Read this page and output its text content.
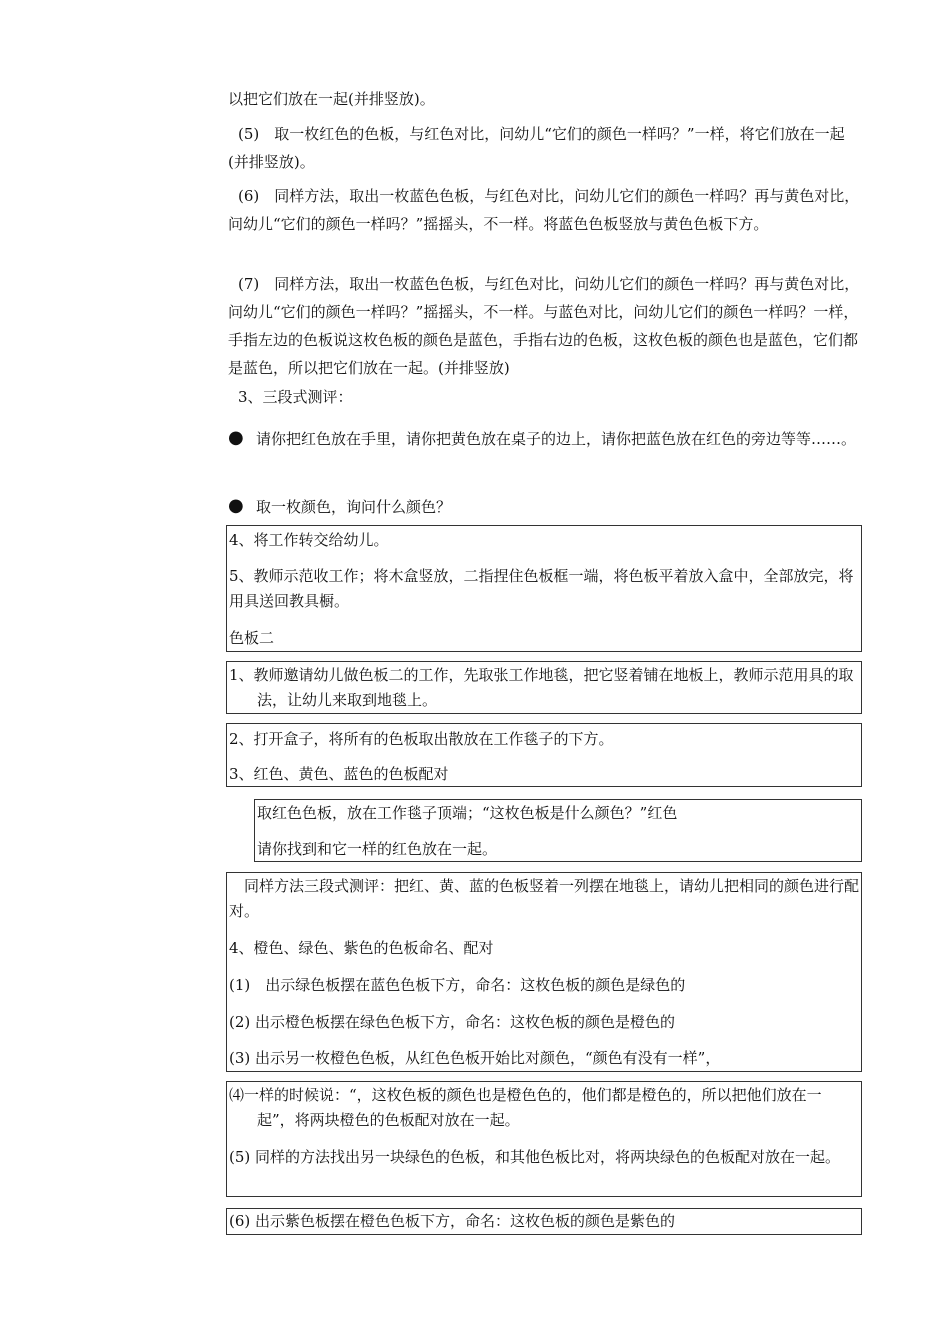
以把它们放在一起(并排竖放)。

(5)　取一枚红色的色板，与红色对比，问幼儿“它们的颜色一样吗？”一样，将它们放在一起(并排竖放)。

(6)　同样方法，取出一枚蓝色色板，与红色对比，问幼儿它们的颜色一样吗？再与黄色对比，问幼儿“它们的颜色一样吗？”摇摇头，不一样。将蓝色色板竖放与黄色色板下方。

(7)　同样方法，取出一枚蓝色色板，与红色对比，问幼儿它们的颜色一样吗？再与黄色对比，问幼儿“它们的颜色一样吗？”摇摇头，不一样。与蓝色对比，问幼儿它们的颜色一样吗？一样，手指左边的色板说这枚色板的颜色是蓝色，手指右边的色板，这枚色板的颜色也是蓝色，它们都是蓝色，所以把它们放在一起。(并排竖放)

3、三段式测评：

● 请你把红色放在手里，请你把黄色放在桌子的边上，请你把蓝色放在红色的旁边等等……。
● 取一枚颜色，询问什么颜色？

4、将工作转交给幼儿。

5、教师示范收工作；将木盒竖放，二指捏住色板框一端，将色板平着放入盒中，全部放完，将用具送回教具橱。

色板二

1、教师邀请幼儿做色板二的工作，先取张工作地毯，把它竖着铺在地板上，教师示范用具的取法，让幼儿来取到地毯上。

2、打开盒子，将所有的色板取出散放在工作毯子的下方。

3、红色、黄色、蓝色的色板配对

取红色色板，放在工作毯子顶端；“这枚色板是什么颜色？”红色

请你找到和它一样的红色放在一起。

　同样方法三段式测评：把红、黄、蓝的色板竖着一列摆在地毯上，请幼儿把相同的颜色进行配对。

4、橙色、绿色、紫色的色板命名、配对

(1)　出示绿色板摆在蓝色色板下方，命名：这枚色板的颜色是绿色的

(2) 出示橙色板摆在绿色色板下方，命名：这枚色板的颜色是橙色的

(3) 出示另一枚橙色色板，从红色色板开始比对颜色，“颜色有没有一样”，

⑷一样的时候说：“，这枚色板的颜色也是橙色色的，他们都是橙色的，所以把他们放在一起”，将两块橙色的色板配对放在一起。

(5) 同样的方法找出另一块绿色的色板，和其他色板比对，将两块绿色的色板配对放在一起。

(6) 出示紫色板摆在橙色色板下方，命名：这枚色板的颜色是紫色的
